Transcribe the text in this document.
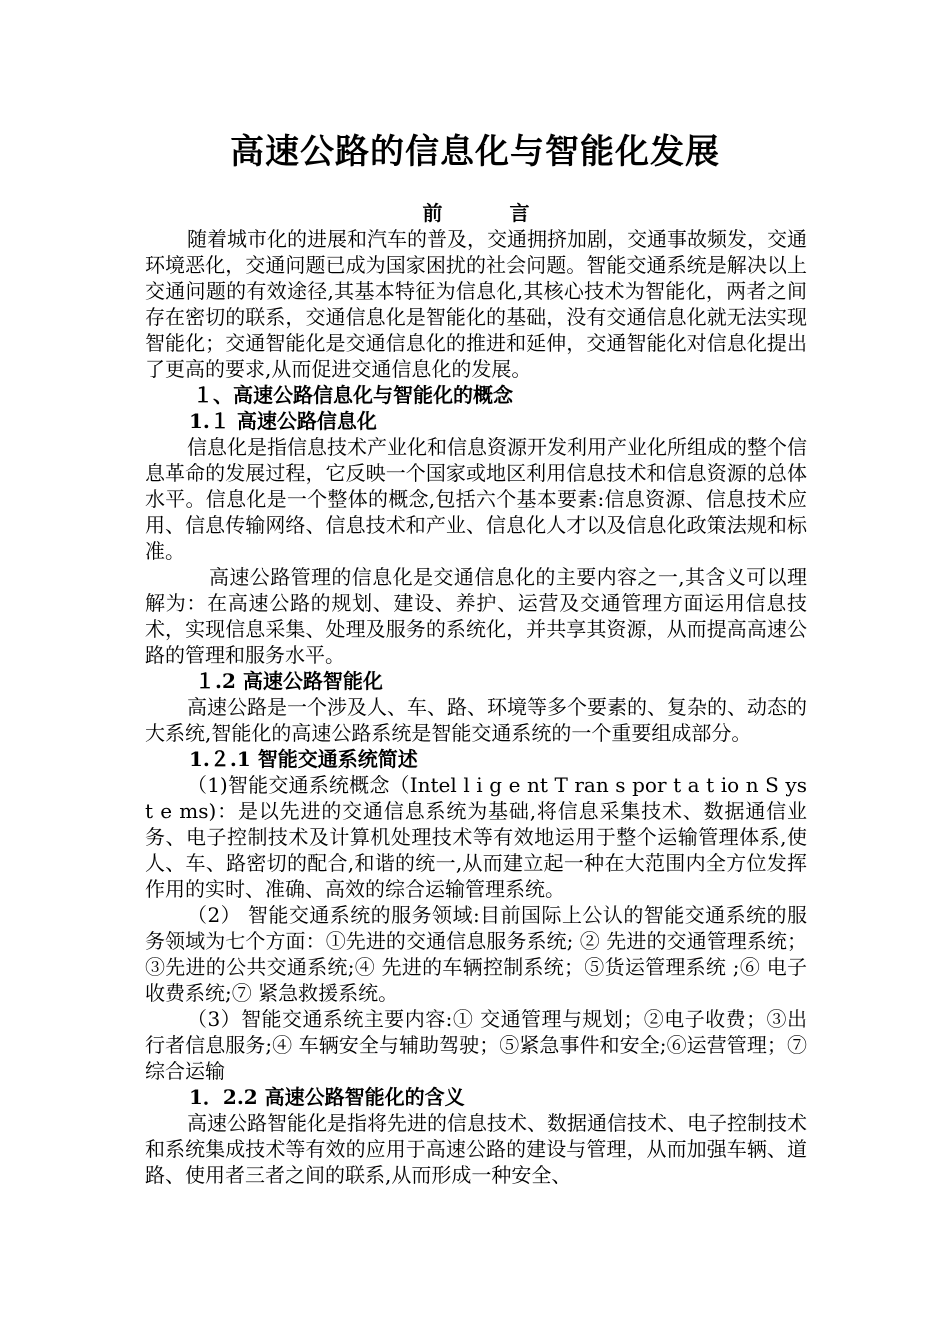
高速公路的信息化与智能化发展

前 言

随着城市化的进展和汽车的普及，交通拥挤加剧，交通事故频发，交通环境恶化，交通问题已成为国家困扰的社会问题。智能交通系统是解决以上交通问题的有效途径,其基本特征为信息化,其核心技术为智能化，两者之间存在密切的联系，交通信息化是智能化的基础，没有交通信息化就无法实现智能化；交通智能化是交通信息化的推进和延伸，交通智能化对信息化提出了更高的要求,从而促进交通信息化的发展。

１、高速公路信息化与智能化的概念

1.１ 高速公路信息化

信息化是指信息技术产业化和信息资源开发利用产业化所组成的整个信息革命的发展过程，它反映一个国家或地区利用信息技术和信息资源的总体水平。信息化是一个整体的概念,包括六个基本要素:信息资源、信息技术应用、信息传输网络、信息技术和产业、信息化人才以及信息化政策法规和标准。

高速公路管理的信息化是交通信息化的主要内容之一,其含义可以理解为：在高速公路的规划、建设、养护、运营及交通管理方面运用信息技术，实现信息采集、处理及服务的系统化，并共享其资源，从而提高高速公路的管理和服务水平。

１.2 高速公路智能化

高速公路是一个涉及人、车、路、环境等多个要素的、复杂的、动态的大系统,智能化的高速公路系统是智能交通系统的一个重要组成部分。

1.２.1 智能交通系统简述

（1)智能交通系统概念（Intel l i g e nt T ran s por t a t io n S yst e ms)：是以先进的交通信息系统为基础,将信息采集技术、数据通信业务、电子控制技术及计算机处理技术等有效地运用于整个运输管理体系,使人、车、路密切的配合,和谐的统一,从而建立起一种在大范围内全方位发挥作用的实时、准确、高效的综合运输管理系统。

（2） 智能交通系统的服务领域:目前国际上公认的智能交通系统的服务领域为七个方面：①先进的交通信息服务系统; ② 先进的交通管理系统；③先进的公共交通系统;④ 先进的车辆控制系统；⑤货运管理系统 ;⑥ 电子收费系统;⑦ 紧急救援系统。

（3）智能交通系统主要内容:① 交通管理与规划；②电子收费；③出行者信息服务;④ 车辆安全与辅助驾驶；⑤紧急事件和安全;⑥运营管理；⑦综合运输

1．2.2 高速公路智能化的含义

高速公路智能化是指将先进的信息技术、数据通信技术、电子控制技术和系统集成技术等有效的应用于高速公路的建设与管理，从而加强车辆、道路、使用者三者之间的联系,从而形成一种安全、
